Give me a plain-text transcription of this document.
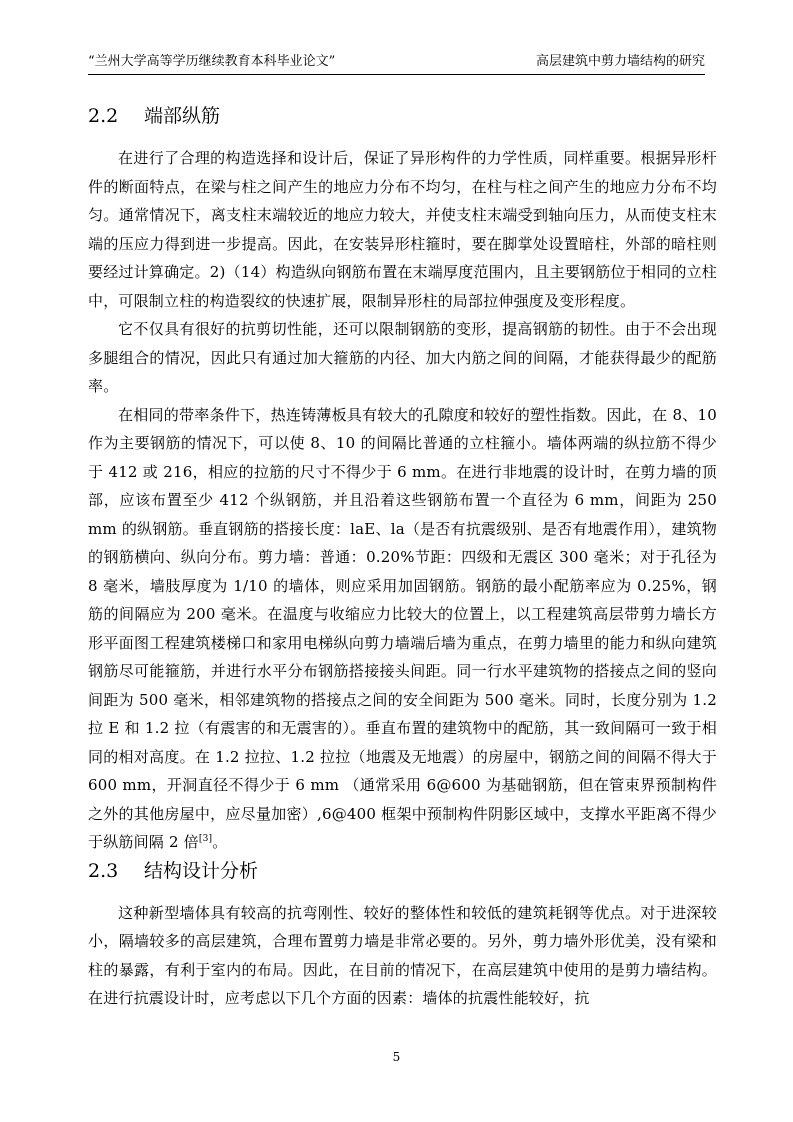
“兰州大学高等学历继续教育本科毕业论文”	高层建筑中剪力墙结构的研究
2.2 端部纵筋

在进行了合理的构造选择和设计后，保证了异形构件的力学性质，同样重要。根据异形杆件的断面特点，在梁与柱之间产生的地应力分布不均匀，在柱与柱之间产生的地应力分布不均匀。通常情况下，离支柱末端较近的地应力较大，并使支柱末端受到轴向压力，从而使支柱末端的压应力得到进一步提高。因此，在安装异形柱箍时，要在脚掌处设置暗柱，外部的暗柱则要经过计算确定。2)（14）构造纵向钢筋布置在末端厚度范围内，且主要钢筋位于相同的立柱中，可限制立柱的构造裂纹的快速扩展，限制异形柱的局部拉伸强度及变形程度。

它不仅具有很好的抗剪切性能，还可以限制钢筋的变形，提高钢筋的韧性。由于不会出现多腿组合的情况，因此只有通过加大箍筋的内径、加大内筋之间的间隔，才能获得最少的配筋率。

在相同的带率条件下，热连铸薄板具有较大的孔隙度和较好的塑性指数。因此，在 8、10 作为主要钢筋的情况下，可以使 8、10 的间隔比普通的立柱箍小。墙体两端的纵拉筋不得少于 412 或 216，相应的拉筋的尺寸不得少于 6 mm。在进行非地震的设计时，在剪力墙的顶部，应该布置至少 412 个纵钢筋，并且沿着这些钢筋布置一个直径为 6 mm，间距为 250 mm 的纵钢筋。垂直钢筋的搭接长度：laE、la（是否有抗震级别、是否有地震作用），建筑物的钢筋横向、纵向分布。剪力墙：普通：0.20%节距：四级和无震区 300 毫米；对于孔径为 8 毫米，墙肢厚度为 1/10 的墙体，则应采用加固钢筋。钢筋的最小配筋率应为 0.25%，钢筋的间隔应为 200 毫米。在温度与收缩应力比较大的位置上，以工程建筑高层带剪力墙长方形平面图工程建筑楼梯口和家用电梯纵向剪力墙端后墙为重点，在剪力墙里的能力和纵向建筑钢筋尽可能箍筋，并进行水平分布钢筋搭接接头间距。同一行水平建筑物的搭接点之间的竖向间距为 500 毫米，相邻建筑物的搭接点之间的安全间距为 500 毫米。同时，长度分别为 1.2 拉 E 和 1.2 拉（有震害的和无震害的）。垂直布置的建筑物中的配筋，其一致间隔可一致于相同的相对高度。在 1.2 拉拉、1.2 拉拉（地震及无地震）的房屋中，钢筋之间的间隔不得大于 600 mm，开洞直径不得少于 6 mm （通常采用 6@600 为基础钢筋，但在管束界预制构件之外的其他房屋中，应尽量加密）,6@400 框架中预制构件阴影区域中，支撑水平距离不得少于纵筋间隔 2 倍[3]。

2.3 结构设计分析

这种新型墙体具有较高的抗弯刚性、较好的整体性和较低的建筑耗钢等优点。对于进深较小，隔墙较多的高层建筑，合理布置剪力墙是非常必要的。另外，剪力墙外形优美，没有梁和柱的暴露，有利于室内的布局。因此，在目前的情况下，在高层建筑中使用的是剪力墙结构。在进行抗震设计时，应考虑以下几个方面的因素：墙体的抗震性能较好，抗

5
